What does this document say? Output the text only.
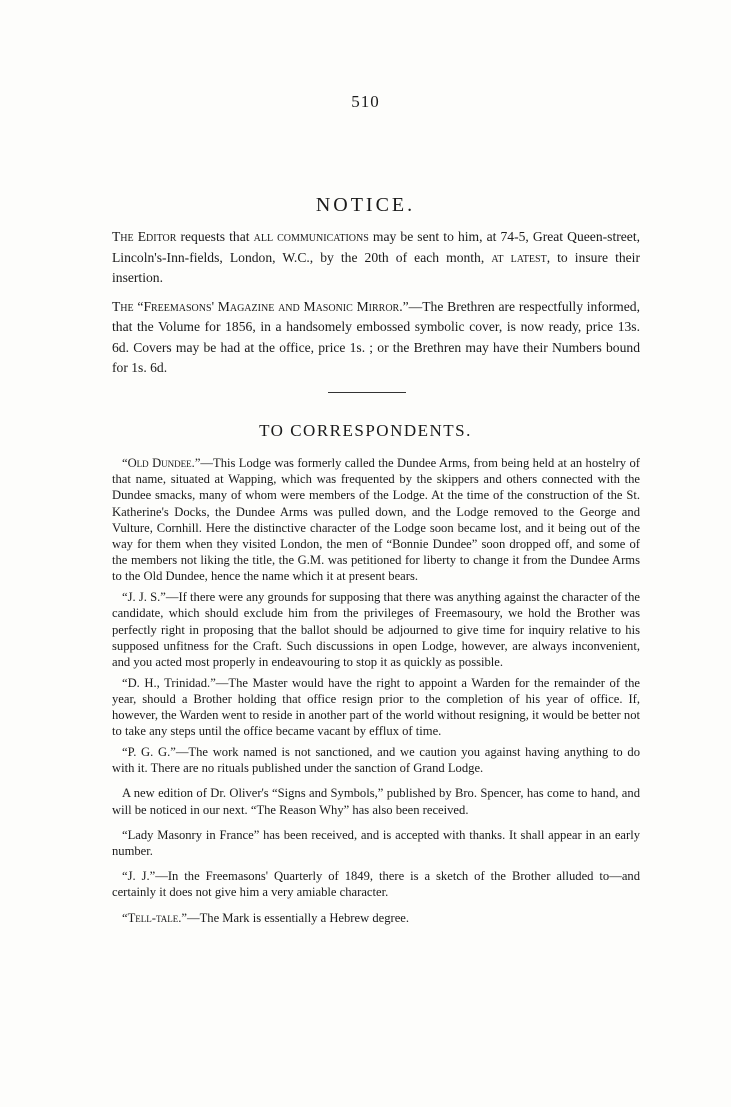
510
NOTICE.

The Editor requests that all communications may be sent to him, at 74-5, Great Queen-street, Lincoln's-Inn-fields, London, W.C., by the 20th of each month, at latest, to insure their insertion.

The “Freemasons' Magazine and Masonic Mirror.”—The Brethren are respectfully informed, that the Volume for 1856, in a handsomely embossed symbolic cover, is now ready, price 13s. 6d. Covers may be had at the office, price 1s. ; or the Brethren may have their Numbers bound for 1s. 6d.

TO CORRESPONDENTS.

“Old Dundee.”—This Lodge was formerly called the Dundee Arms, from being held at an hostelry of that name, situated at Wapping, which was frequented by the skippers and others connected with the Dundee smacks, many of whom were members of the Lodge. At the time of the construction of the St. Katherine's Docks, the Dundee Arms was pulled down, and the Lodge removed to the George and Vulture, Cornhill. Here the distinctive character of the Lodge soon became lost, and it being out of the way for them when they visited London, the men of “Bonnie Dundee” soon dropped off, and some of the members not liking the title, the G.M. was petitioned for liberty to change it from the Dundee Arms to the Old Dundee, hence the name which it at present bears.

“J. J. S.”—If there were any grounds for supposing that there was anything against the character of the candidate, which should exclude him from the privileges of Freemasoury, we hold the Brother was perfectly right in proposing that the ballot should be adjourned to give time for inquiry relative to his supposed unfitness for the Craft. Such discussions in open Lodge, however, are always inconvenient, and you acted most properly in endeavouring to stop it as quickly as possible.

“D. H., Trinidad.”—The Master would have the right to appoint a Warden for the remainder of the year, should a Brother holding that office resign prior to the completion of his year of office. If, however, the Warden went to reside in another part of the world without resigning, it would be better not to take any steps until the office became vacant by efflux of time.

“P. G. G.”—The work named is not sanctioned, and we caution you against having anything to do with it. There are no rituals published under the sanction of Grand Lodge.

A new edition of Dr. Oliver's “Signs and Symbols,” published by Bro. Spencer, has come to hand, and will be noticed in our next. “The Reason Why” has also been received.

“Lady Masonry in France” has been received, and is accepted with thanks. It shall appear in an early number.

“J. J.”—In the Freemasons' Quarterly of 1849, there is a sketch of the Brother alluded to—and certainly it does not give him a very amiable character.

“Tell-tale.”—The Mark is essentially a Hebrew degree.
